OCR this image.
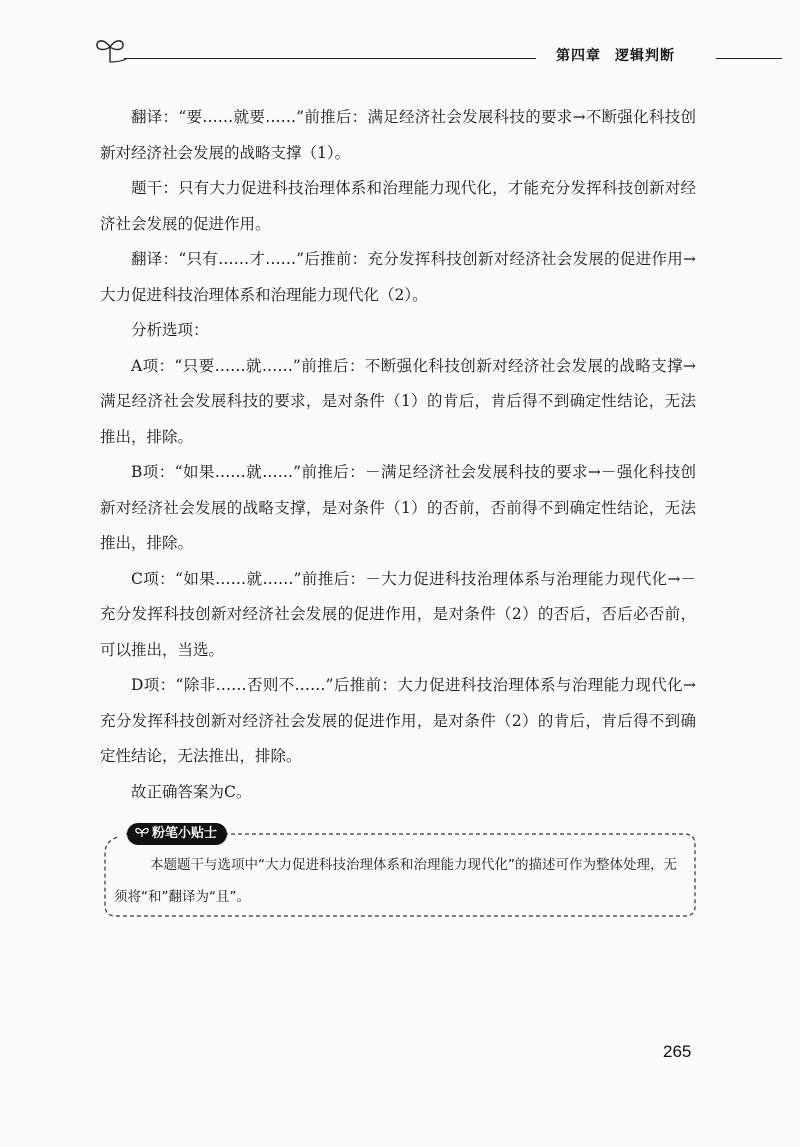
第四章 逻辑判断

翻译：“要……就要……”前推后：满足经济社会发展科技的要求→不断强化科技创新对经济社会发展的战略支撑（1）。

题干：只有大力促进科技治理体系和治理能力现代化，才能充分发挥科技创新对经济社会发展的促进作用。

翻译：“只有……才……”后推前：充分发挥科技创新对经济社会发展的促进作用→大力促进科技治理体系和治理能力现代化（2）。

分析选项：

A项：“只要……就……”前推后：不断强化科技创新对经济社会发展的战略支撑→满足经济社会发展科技的要求，是对条件（1）的肯后，肯后得不到确定性结论，无法推出，排除。

B项：“如果……就……”前推后：－满足经济社会发展科技的要求→－强化科技创新对经济社会发展的战略支撑，是对条件（1）的否前，否前得不到确定性结论，无法推出，排除。

C项：“如果……就……”前推后：－大力促进科技治理体系与治理能力现代化→－充分发挥科技创新对经济社会发展的促进作用，是对条件（2）的否后，否后必否前，可以推出，当选。

D项：“除非……否则不……”后推前：大力促进科技治理体系与治理能力现代化→充分发挥科技创新对经济社会发展的促进作用，是对条件（2）的肯后，肯后得不到确定性结论，无法推出，排除。

故正确答案为C。

粉笔小贴士

本题题干与选项中“大力促进科技治理体系和治理能力现代化”的描述可作为整体处理，无须将“和”翻译为“且”。

265
